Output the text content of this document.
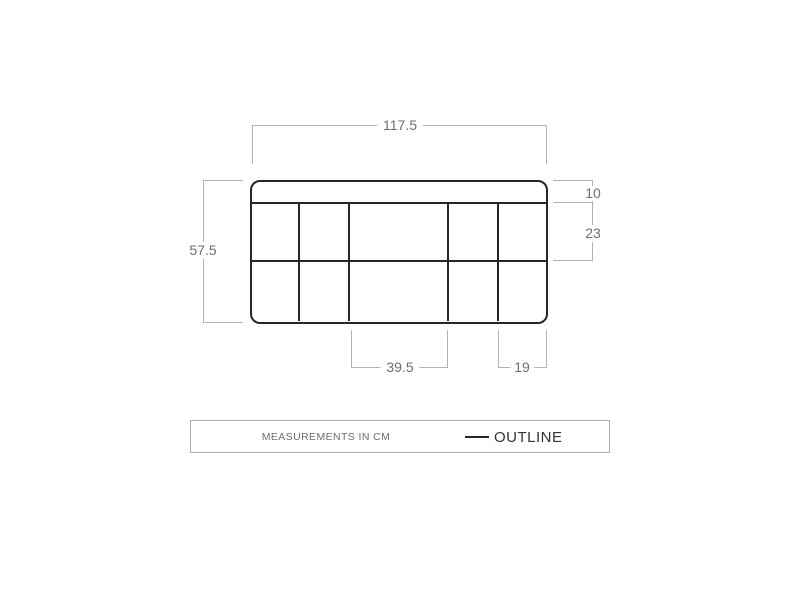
117.5
57.5
10
23
39.5	19
MEASUREMENTS IN CM	OUTLINE
